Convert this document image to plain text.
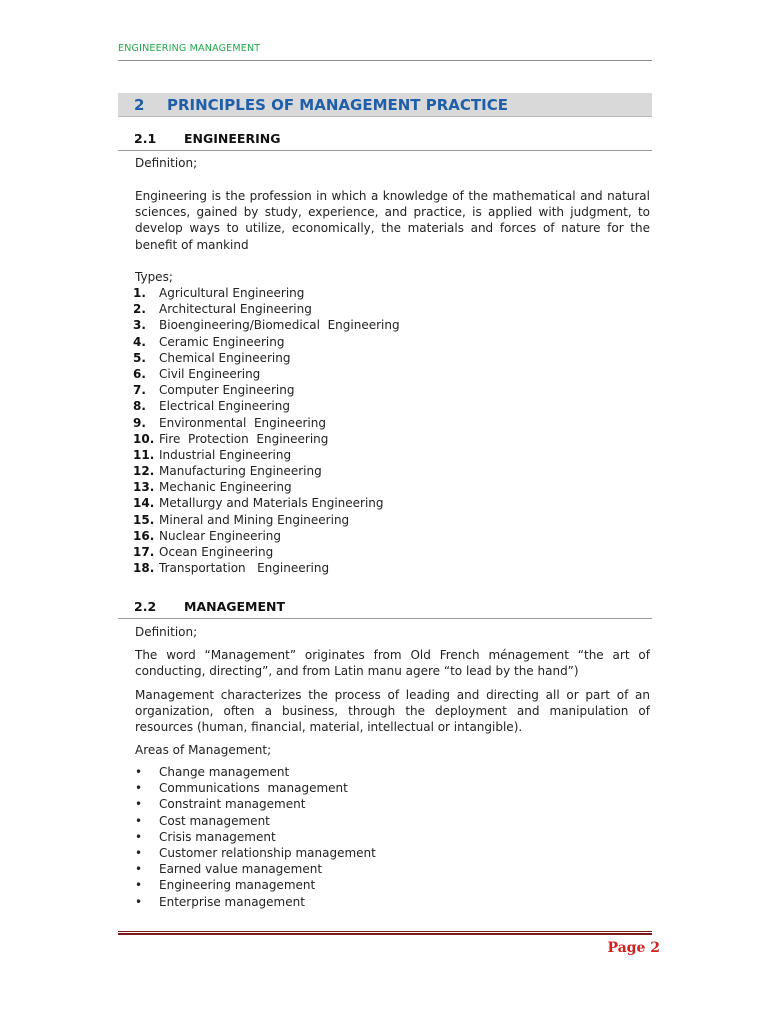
ENGINEERING MANAGEMENT
2	PRINCIPLES OF MANAGEMENT PRACTICE
2.1	ENGINEERING
Definition;
Engineering is the profession in which a knowledge of the mathematical and natural sciences, gained by study, experience, and practice, is applied with judgment, to develop ways to utilize, economically, the materials and forces of nature for the benefit of mankind
Types;
1.	Agricultural Engineering
2.	Architectural Engineering
3.	Bioengineering/Biomedical  Engineering
4.	Ceramic Engineering
5.	Chemical Engineering
6.	Civil Engineering
7.	Computer Engineering
8.	Electrical Engineering
9.	Environmental  Engineering
10. Fire  Protection  Engineering
11. Industrial Engineering
12. Manufacturing Engineering
13. Mechanic Engineering
14. Metallurgy and Materials Engineering
15. Mineral and Mining Engineering
16. Nuclear Engineering
17. Ocean Engineering
18. Transportation   Engineering
2.2	MANAGEMENT
Definition;
The word “Management” originates from Old French ménagement “the art of conducting, directing”, and from Latin manu agere “to lead by the hand”)
Management characterizes the process of leading and directing all or part of an organization, often a business, through the deployment and manipulation of resources (human, financial, material, intellectual or intangible).
Areas of Management;
•	Change management
•	Communications  management
•	Constraint management
•	Cost management
•	Crisis management
•	Customer relationship management
•	Earned value management
•	Engineering management
•	Enterprise management
Page 2
